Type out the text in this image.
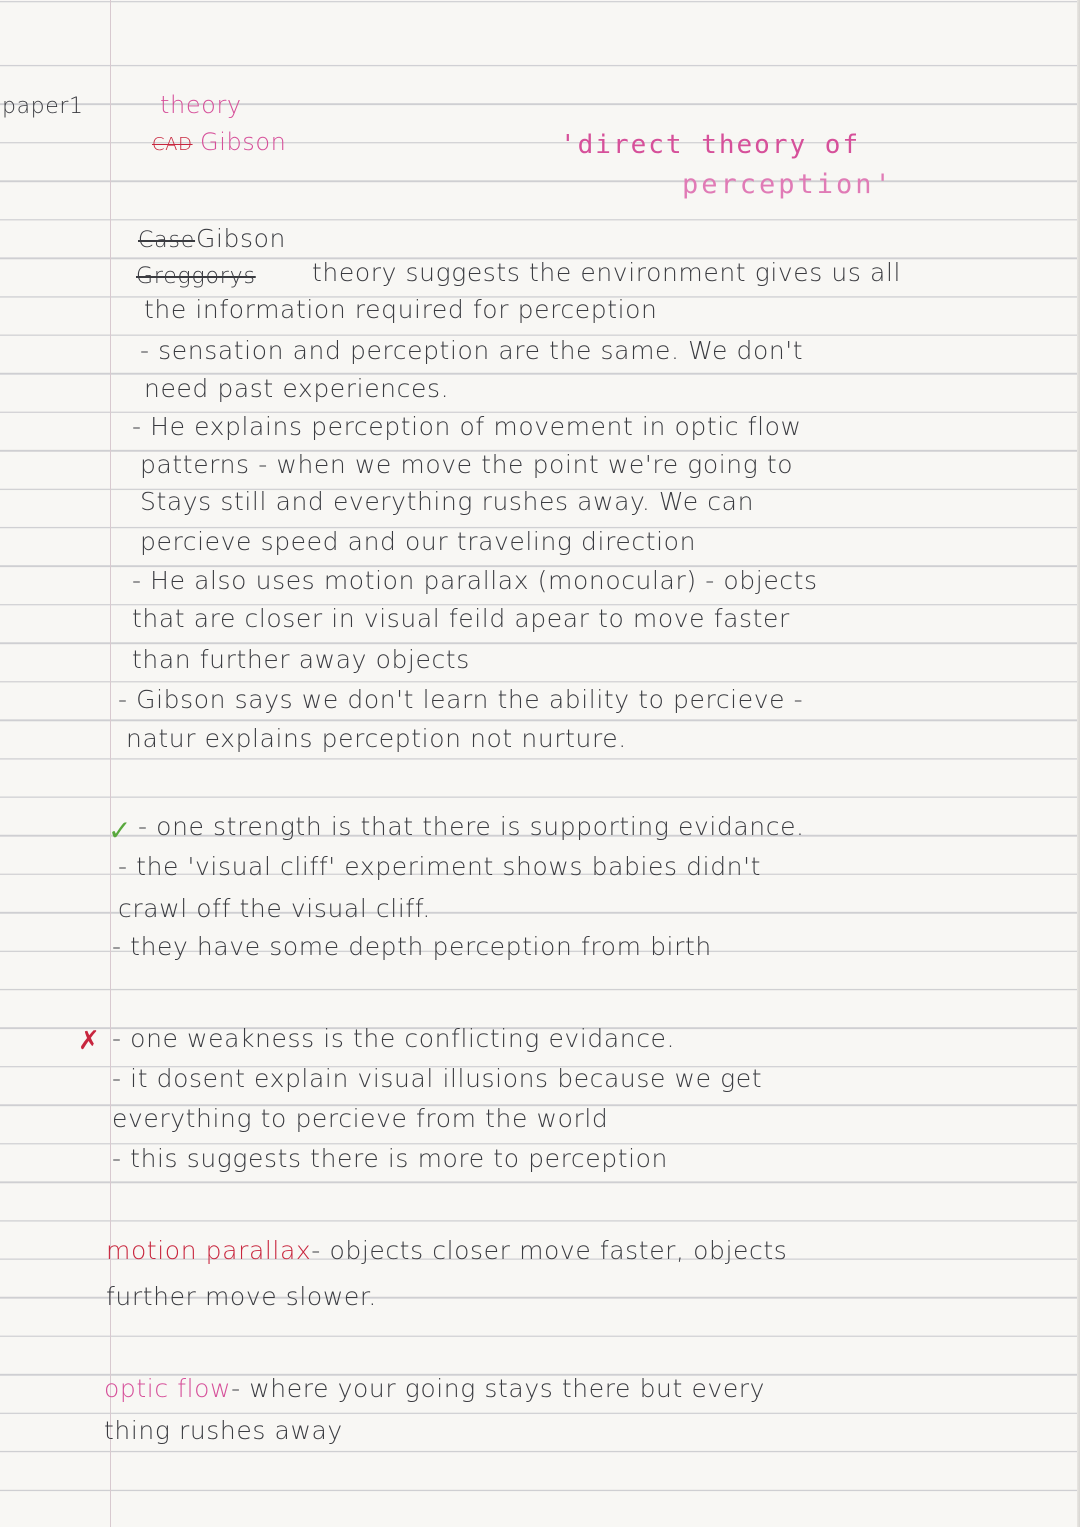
paper1	theory

CAD Gibson	'direct theory of

perception'

Case Gibson

Greggorys theory suggests the environment gives us all

the information required for perception

- sensation and perception are the same. We don't

need past experiences.

- He explains perception of movement in optic flow

patterns - when we move the point we're going to

Stays still and everything rushes away. We can

percieve speed and our traveling direction

- He also uses motion parallax (monocular) - objects

that are closer in visual feild apear to move faster

than further away objects

- Gibson says we don't learn the ability to percieve -

natur explains perception not nurture.

✓ - one strength is that there is supporting evidance.

- the 'visual cliff' experiment shows babies didn't

crawl off the visual cliff.

- they have some depth perception from birth

✗ - one weakness is the conflicting evidance.

- it dosent explain visual illusions because we get

everything to percieve from the world

- this suggests there is more to perception

motion parallax- objects closer move faster, objects

further move slower.

optic flow- where your going stays there but every

thing rushes away
